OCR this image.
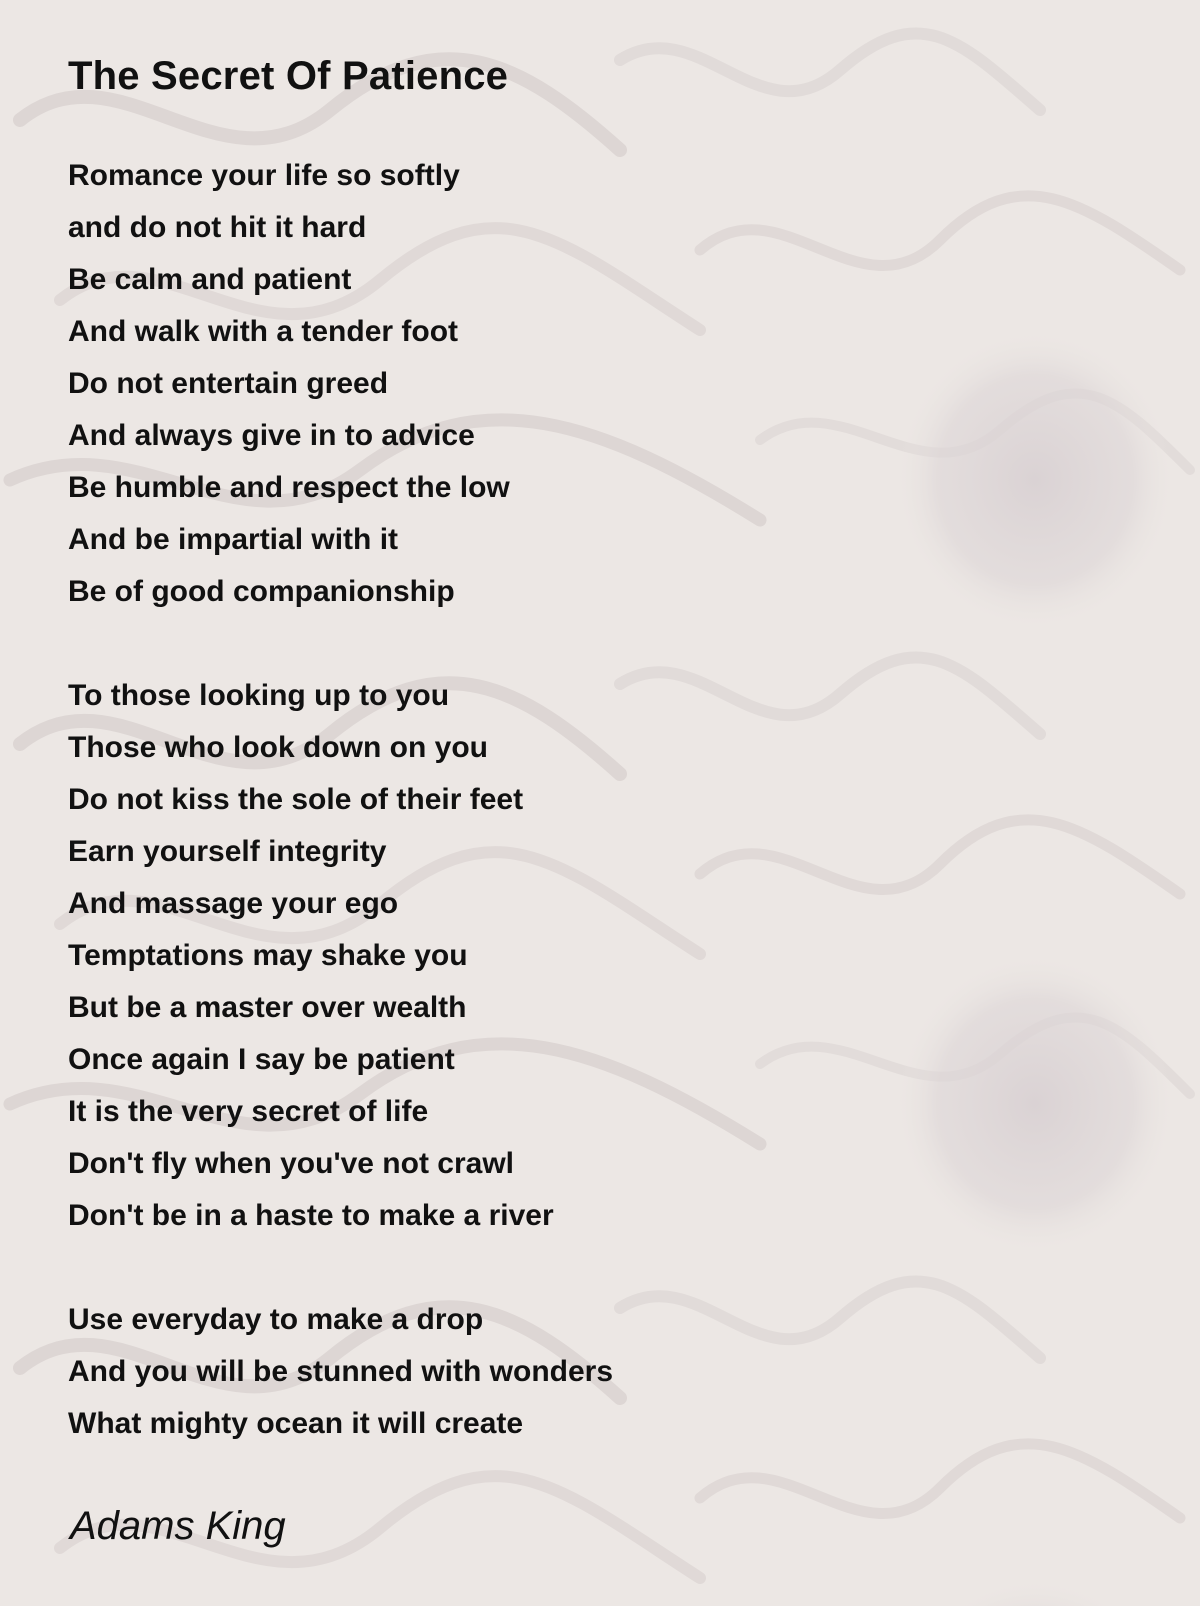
The Secret Of Patience
Romance your life so softly
and do not hit it hard
Be calm and patient
And walk with a tender foot
Do not entertain greed
And always give in to advice
Be humble and respect the low
And be impartial with it
Be of good companionship
To those looking up to you
Those who look down on you
Do not kiss the sole of their feet
Earn yourself integrity
And massage your ego
Temptations may shake you
But be a master over wealth
Once again I say be patient
It is the very secret of life
Don't fly when you've not crawl
Don't be in a haste to make a river
Use everyday to make a drop
And you will be stunned with wonders
What mighty ocean it will create
Adams King
